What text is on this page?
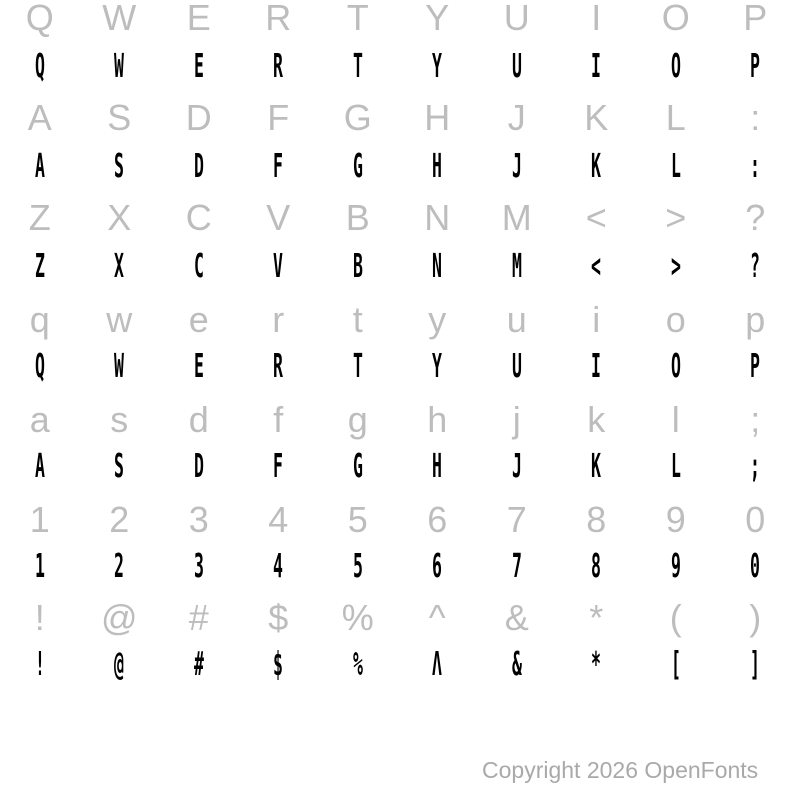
Q W E R T Y U I O P
Q W E R T Y U I O P
A S D F G H J K L :
A S D F G H J K L :
Z X C V B N M < > ?
Z X C V B N M < > ?
q w e r t y u i o p
Q W E R T Y U I O P
a s d f g h j k l ;
A S D F G H J K L ;
1 2 3 4 5 6 7 8 9 0
1 2 3 4 5 6 7 8 9 0
! @ # $ % ^ & * ( )
! @ # $ % Λ & * [ ]
Copyright 2026 OpenFonts
